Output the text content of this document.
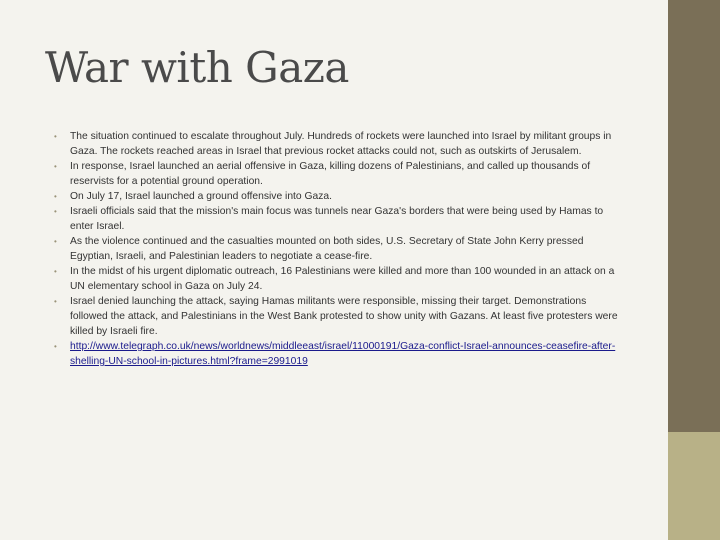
War with Gaza
• The situation continued to escalate throughout July. Hundreds of rockets were launched into Israel by militant groups in Gaza. The rockets reached areas in Israel that previous rocket attacks could not, such as outskirts of Jerusalem.
• In response, Israel launched an aerial offensive in Gaza, killing dozens of Palestinians, and called up thousands of reservists for a potential ground operation.
• On July 17, Israel launched a ground offensive into Gaza.
• Israeli officials said that the mission's main focus was tunnels near Gaza's borders that were being used by Hamas to enter Israel.
• As the violence continued and the casualties mounted on both sides, U.S. Secretary of State John Kerry pressed Egyptian, Israeli, and Palestinian leaders to negotiate a cease-fire.
• In the midst of his urgent diplomatic outreach, 16 Palestinians were killed and more than 100 wounded in an attack on a UN elementary school in Gaza on July 24.
• Israel denied launching the attack, saying Hamas militants were responsible, missing their target. Demonstrations followed the attack, and Palestinians in the West Bank protested to show unity with Gazans. At least five protesters were killed by Israeli fire.
• http://www.telegraph.co.uk/news/worldnews/middleeast/israel/11000191/Gaza-conflict-Israel-announces-ceasefire-after-shelling-UN-school-in-pictures.html?frame=2991019
